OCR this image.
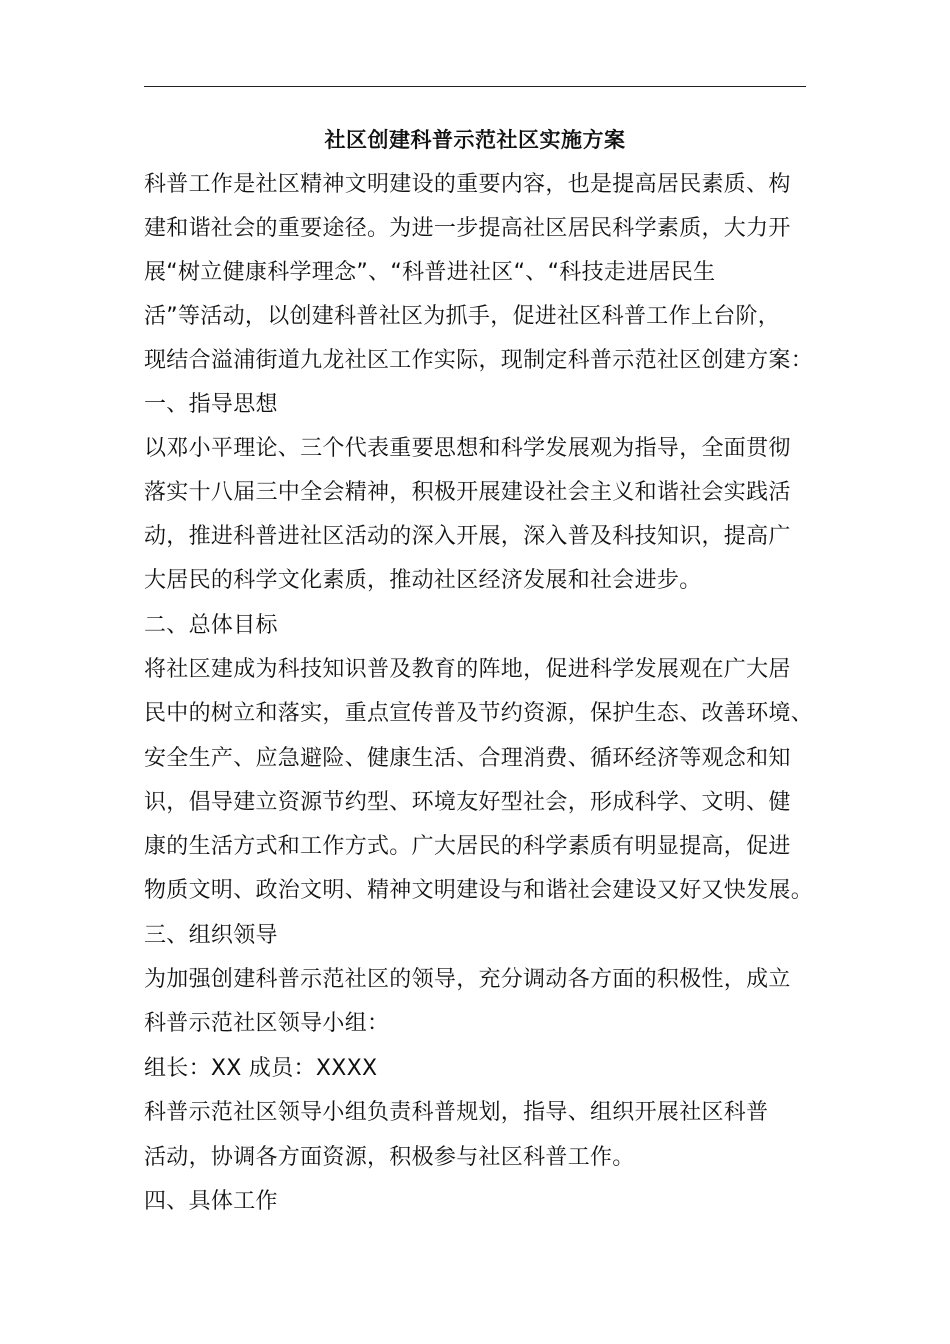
社区创建科普示范社区实施方案
科普工作是社区精神文明建设的重要内容，也是提高居民素质、构
建和谐社会的重要途径。为进一步提高社区居民科学素质，大力开
展“树立健康科学理念”、“科普进社区“、“科技走进居民生
活”等活动，以创建科普社区为抓手，促进社区科普工作上台阶，
现结合溢浦街道九龙社区工作实际，现制定科普示范社区创建方案：
一、指导思想
以邓小平理论、三个代表重要思想和科学发展观为指导，全面贯彻
落实十八届三中全会精神，积极开展建设社会主义和谐社会实践活
动，推进科普进社区活动的深入开展，深入普及科技知识，提高广
大居民的科学文化素质，推动社区经济发展和社会进步。
二、总体目标
将社区建成为科技知识普及教育的阵地，促进科学发展观在广大居
民中的树立和落实，重点宣传普及节约资源，保护生态、改善环境、
安全生产、应急避险、健康生活、合理消费、循环经济等观念和知
识，倡导建立资源节约型、环境友好型社会，形成科学、文明、健
康的生活方式和工作方式。广大居民的科学素质有明显提高，促进
物质文明、政治文明、精神文明建设与和谐社会建设又好又快发展。
三、组织领导
为加强创建科普示范社区的领导，充分调动各方面的积极性，成立
科普示范社区领导小组：
组长：XX 成员：XXXX
科普示范社区领导小组负责科普规划，指导、组织开展社区科普
活动，协调各方面资源，积极参与社区科普工作。
四、具体工作
